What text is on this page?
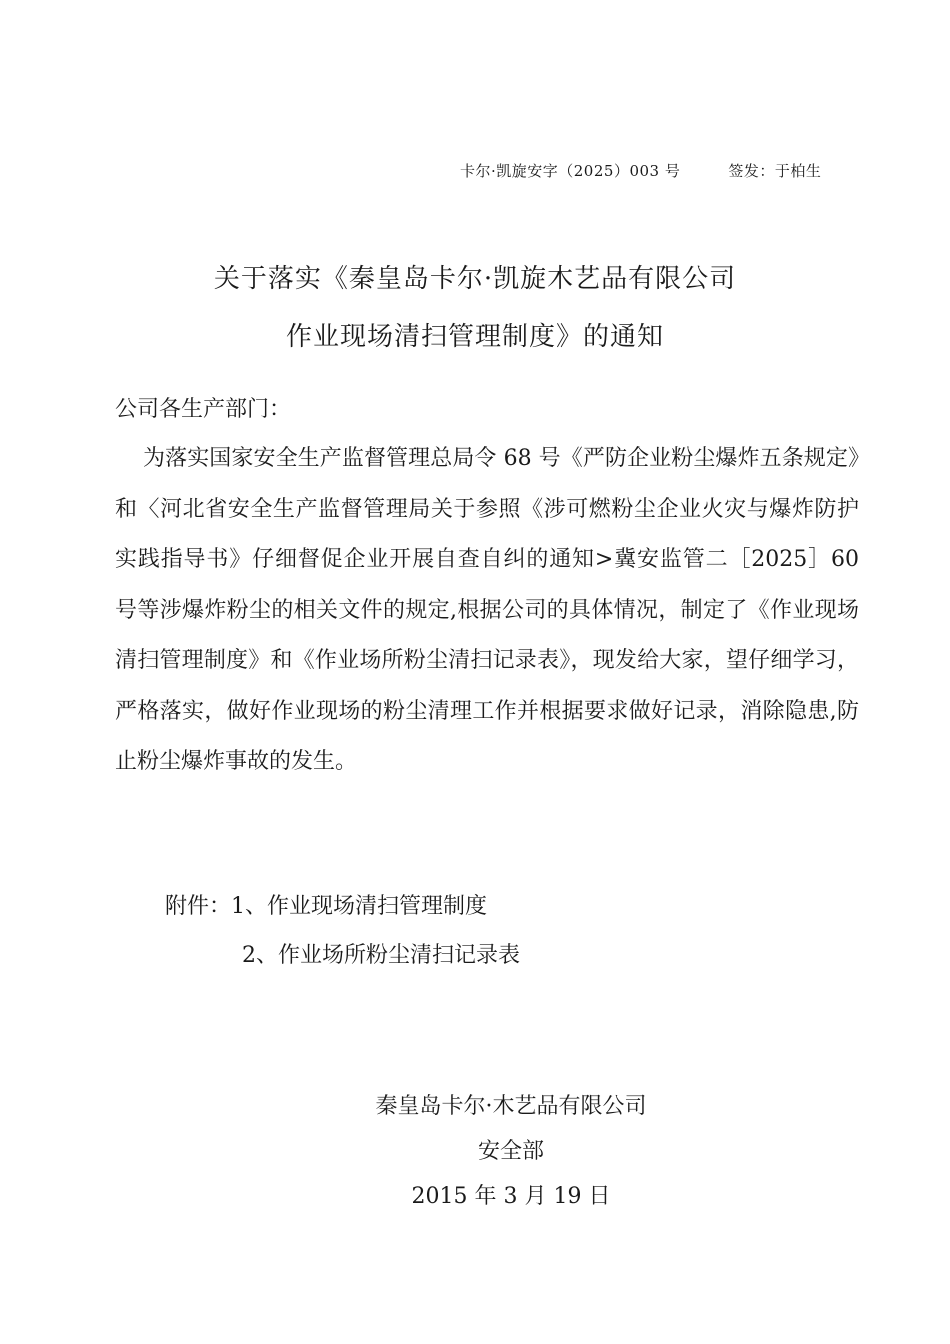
卡尔·凯旋安字（2025）003 号	签发：于柏生
关于落实《秦皇岛卡尔·凯旋木艺品有限公司
作业现场清扫管理制度》的通知
公司各生产部门：
为落实国家安全生产监督管理总局令 68 号《严防企业粉尘爆炸五条规定》和〈河北省安全生产监督管理局关于参照《涉可燃粉尘企业火灾与爆炸防护实践指导书》仔细督促企业开展自查自纠的通知>冀安监管二［2025］60 号等涉爆炸粉尘的相关文件的规定,根据公司的具体情况，制定了《作业现场清扫管理制度》和《作业场所粉尘清扫记录表》，现发给大家，望仔细学习，严格落实，做好作业现场的粉尘清理工作并根据要求做好记录，消除隐患,防止粉尘爆炸事故的发生。
附件：1、作业现场清扫管理制度
2、作业场所粉尘清扫记录表
秦皇岛卡尔·木艺品有限公司
安全部
2015 年 3 月 19 日
